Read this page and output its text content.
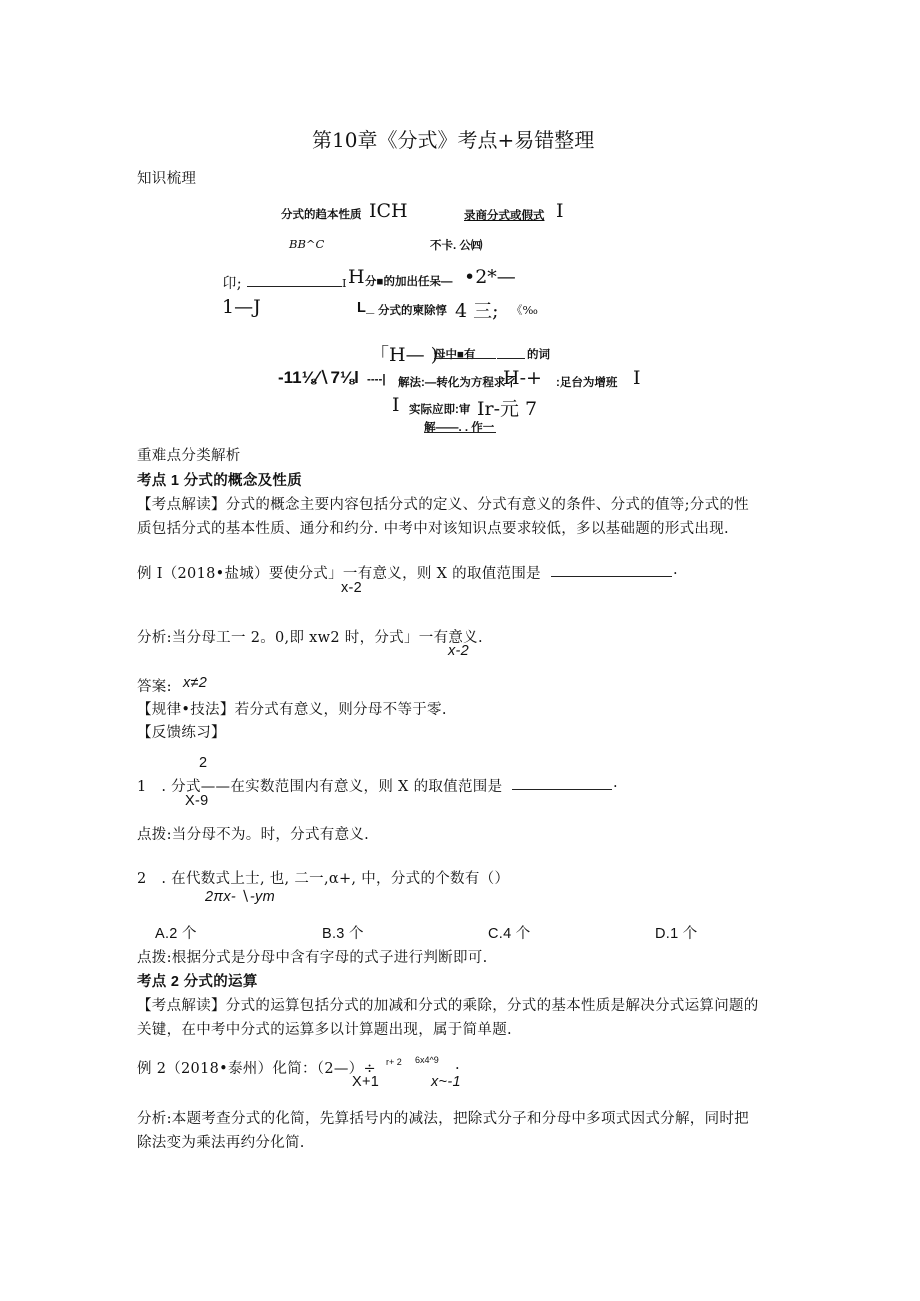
第10章《分式》考点+易错整理
知识梳理
分式的趋本性质 ICH	录商分式或假式 I
BB^C	不卡. 公㈣
卬;	I H 分■的加出任呆— •2*—
1—J	L_ 分式的柬除惇 4 三; 《‰
「H— )
母中■有	的词
-11⅛∕∖7⅛l ----| 解法:—转化为方程求彳
H-+ :足台为增班 I
I 实际应即:审 Ir-元 7
解——. . 作一
重难点分类解析
考点 1 分式的概念及性质
【考点解读】分式的概念主要内容包括分式的定义、分式有意义的条件、分式的值等;分式的性
质包括分式的基本性质、通分和约分. 中考中对该知识点要求较低，多以基础题的形式出现.
例 I（2018•盐城）要使分式」一有意义，则 X 的取值范围是	.
x-2
分析:当分母工一 2。0,即 xw2 时，分式」一有意义.
x-2
答案: x≠2
【规律•技法】若分式有意义，则分母不等于零.
【反馈练习】
2
1　. 分式——在实数范围内有意义，则 X 的取值范围是	.
X-9
点拨:当分母不为。时，分式有意义.
2　. 在代数式上士, 也, 二一,α+, 中，分式的个数有（）
2πx- ∖-ym
A.2 个	B.3 个	C.4 个	D.1 个
点拨:根据分式是分母中含有字母的式子进行判断即可.
考点 2 分式的运算
【考点解读】分式的运算包括分式的加减和分式的乘除，分式的基本性质是解决分式运算问题的
关键，在中考中分式的运算多以计算题出现，属于简单题.
例 2（2018•泰州）化简：（2—）÷ r+ 2 6x4^9 .
X+1	x~-1
分析:本题考查分式的化简，先算括号内的减法，把除式分子和分母中多项式因式分解，同时把
除法变为乘法再约分化简.
